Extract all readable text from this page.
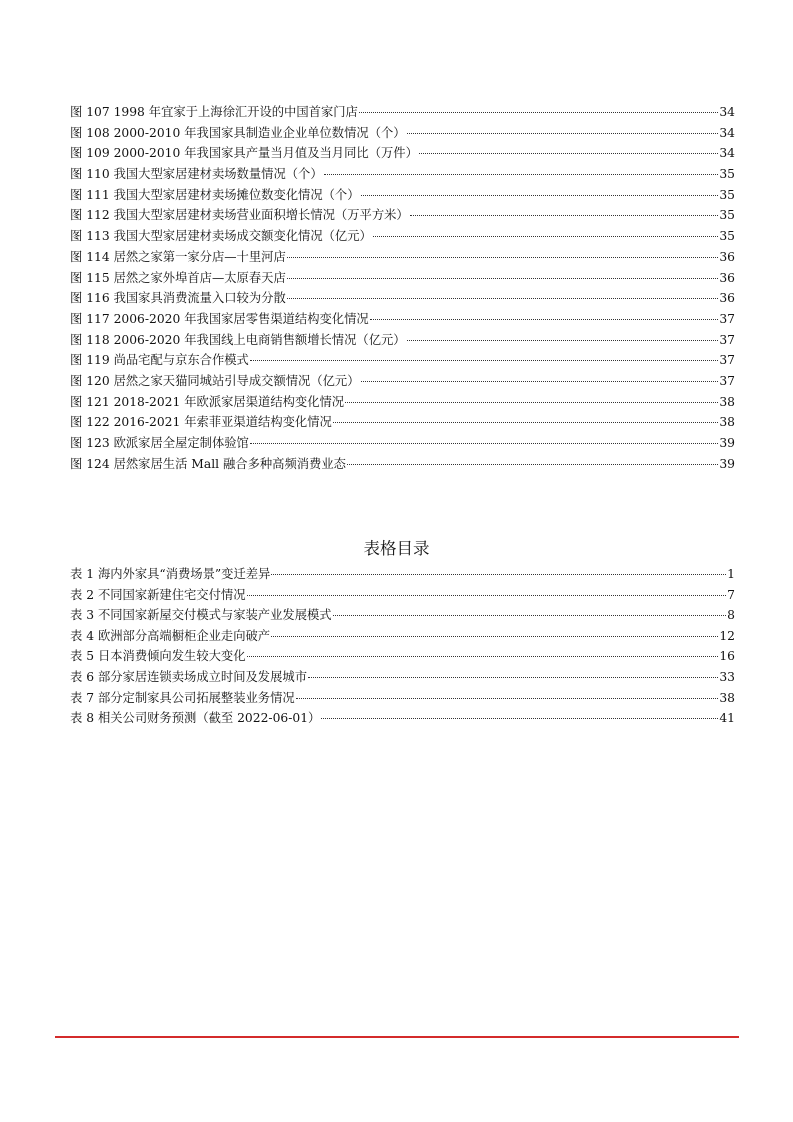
图 107 1998 年宜家于上海徐汇开设的中国首家门店	34
图 108 2000-2010 年我国家具制造业企业单位数情况（个）	34
图 109 2000-2010 年我国家具产量当月值及当月同比（万件）	34
图 110 我国大型家居建材卖场数量情况（个）	35
图 111 我国大型家居建材卖场摊位数变化情况（个）	35
图 112 我国大型家居建材卖场营业面积增长情况（万平方米）	35
图 113 我国大型家居建材卖场成交额变化情况（亿元）	35
图 114 居然之家第一家分店—十里河店	36
图 115 居然之家外埠首店—太原春天店	36
图 116 我国家具消费流量入口较为分散	36
图 117 2006-2020 年我国家居零售渠道结构变化情况	37
图 118 2006-2020 年我国线上电商销售额增长情况（亿元）	37
图 119 尚品宅配与京东合作模式	37
图 120 居然之家天猫同城站引导成交额情况（亿元）	37
图 121 2018-2021 年欧派家居渠道结构变化情况	38
图 122 2016-2021 年索菲亚渠道结构变化情况	38
图 123 欧派家居全屋定制体验馆	39
图 124 居然家居生活 Mall 融合多种高频消费业态	39
表格目录
表 1 海内外家具“消费场景”变迁差异	1
表 2 不同国家新建住宅交付情况	7
表 3 不同国家新屋交付模式与家装产业发展模式	8
表 4 欧洲部分高端橱柜企业走向破产	12
表 5 日本消费倾向发生较大变化	16
表 6 部分家居连锁卖场成立时间及发展城市	33
表 7 部分定制家具公司拓展整装业务情况	38
表 8 相关公司财务预测（截至 2022-06-01）	41
